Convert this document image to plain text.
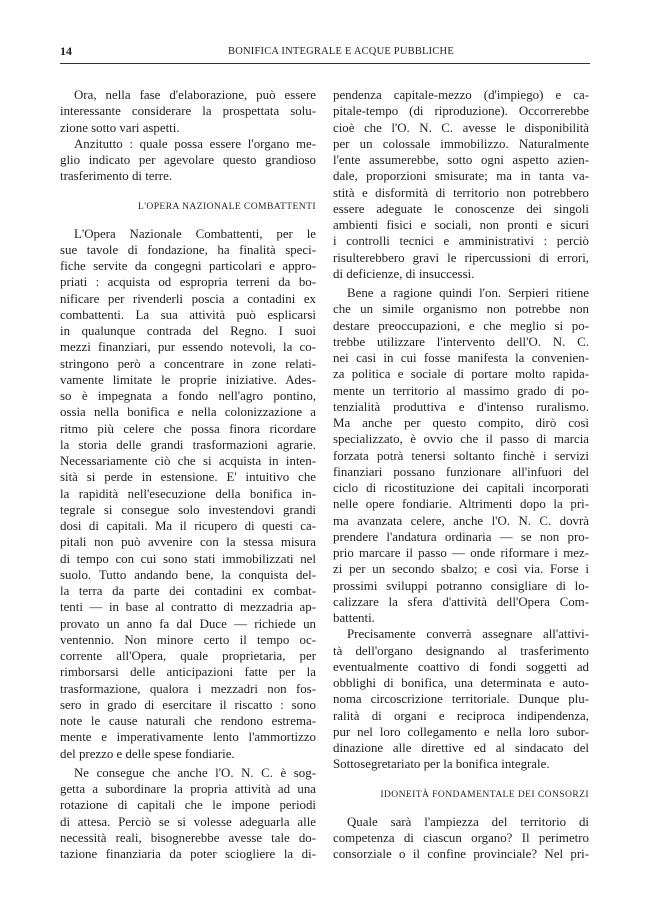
14	BONIFICA INTEGRALE E ACQUE PUBBLICHE
Ora, nella fase d'elaborazione, può essere
interessante considerare la prospettata solu-
zione sotto vari aspetti.
Anzitutto : quale possa essere l'organo me-
glio indicato per agevolare questo grandioso
trasferimento di terre.
L'OPERA NAZIONALE COMBATTENTI
L'Opera Nazionale Combattenti, per le
sue tavole di fondazione, ha finalità speci-
fiche servite da congegni particolari e appro-
priati : acquista od espropria terreni da bo-
nificare per rivenderli poscia a contadini ex
combattenti. La sua attività può esplicarsi
in qualunque contrada del Regno. I suoi
mezzi finanziari, pur essendo notevoli, la co-
stringono però a concentrare in zone relati-
vamente limitate le proprie iniziative. Ades-
so è impegnata a fondo nell'agro pontino,
ossia nella bonifica e nella colonizzazione a
ritmo più celere che possa finora ricordare
la storia delle grandi trasformazioni agrarie.
Necessariamente ciò che si acquista in inten-
sità si perde in estensione. E' intuitivo che
la rapidità nell'esecuzione della bonifica in-
tegrale si consegue solo investendovi grandi
dosi di capitali. Ma il ricupero di questi ca-
pitali non può avvenire con la stessa misura
di tempo con cui sono stati immobilizzati nel
suolo. Tutto andando bene, la conquista del-
la terra da parte dei contadini ex combat-
tenti — in base al contratto di mezzadria ap-
provato un anno fa dal Duce — richiede un
ventennio. Non minore certo il tempo oc-
corrente all'Opera, quale proprietaria, per
rimborsarsi delle anticipazioni fatte per la
trasformazione, qualora i mezzadri non fos-
sero in grado di esercitare il riscatto : sono
note le cause naturali che rendono estrema-
mente e imperativamente lento l'ammortizzo
del prezzo e delle spese fondiarie.
Ne consegue che anche l'O. N. C. è sog-
getta a subordinare la propria attività ad una
rotazione di capitali che le impone periodi
di attesa. Perciò se si volesse adeguarla alle
necessità reali, bisognerebbe avesse tale do-
tazione finanziaria da poter sciogliere la di-
pendenza capitale-mezzo (d'impiego) e ca-
pitale-tempo (di riproduzione). Occorrerebbe
cioè che l'O. N. C. avesse le disponibilità
per un colossale immobilizzo. Naturalmente
l'ente assumerebbe, sotto ogni aspetto azien-
dale, proporzioni smisurate; ma in tanta va-
stità e disformità di territorio non potrebbero
essere adeguate le conoscenze dei singoli
ambienti fisici e sociali, non pronti e sicuri
i controlli tecnici e amministrativi : perciò
risulterebbero gravi le ripercussioni di errori,
di deficienze, di insuccessi.
Bene a ragione quindi l'on. Serpieri ritiene
che un simile organismo non potrebbe non
destare preoccupazioni, e che meglio si po-
trebbe utilizzare l'intervento dell'O. N. C.
nei casi in cui fosse manifesta la convenien-
za politica e sociale di portare molto rapida-
mente un territorio al massimo grado di po-
tenzialità produttiva e d'intenso ruralismo.
Ma anche per questo compito, dirò così
specializzato, è ovvio che il passo di marcia
forzata potrà tenersi soltanto finchè i servizi
finanziari possano funzionare all'infuori del
ciclo di ricostituzione dei capitali incorporati
nelle opere fondiarie. Altrimenti dopo la pri-
ma avanzata celere, anche l'O. N. C. dovrà
prendere l'andatura ordinaria — se non pro-
prio marcare il passo — onde riformare i mez-
zi per un secondo sbalzo; e così via. Forse i
prossimi sviluppi potranno consigliare di lo-
calizzare la sfera d'attività dell'Opera Com-
battenti.
Precisamente converrà assegnare all'attivi-
tà dell'organo designando al trasferimento
eventualmente coattivo di fondi soggetti ad
obblighi di bonifica, una determinata e auto-
noma circoscrizione territoriale. Dunque plu-
ralità di organi e reciproca indipendenza,
pur nel loro collegamento e nella loro subor-
dinazione alle direttive ed al sindacato del
Sottosegretariato per la bonifica integrale.
IDONEITÀ FONDAMENTALE DEI CONSORZI
Quale sarà l'ampiezza del territorio di
competenza di ciascun organo? Il perimetro
consorziale o il confine provinciale? Nel pri-
